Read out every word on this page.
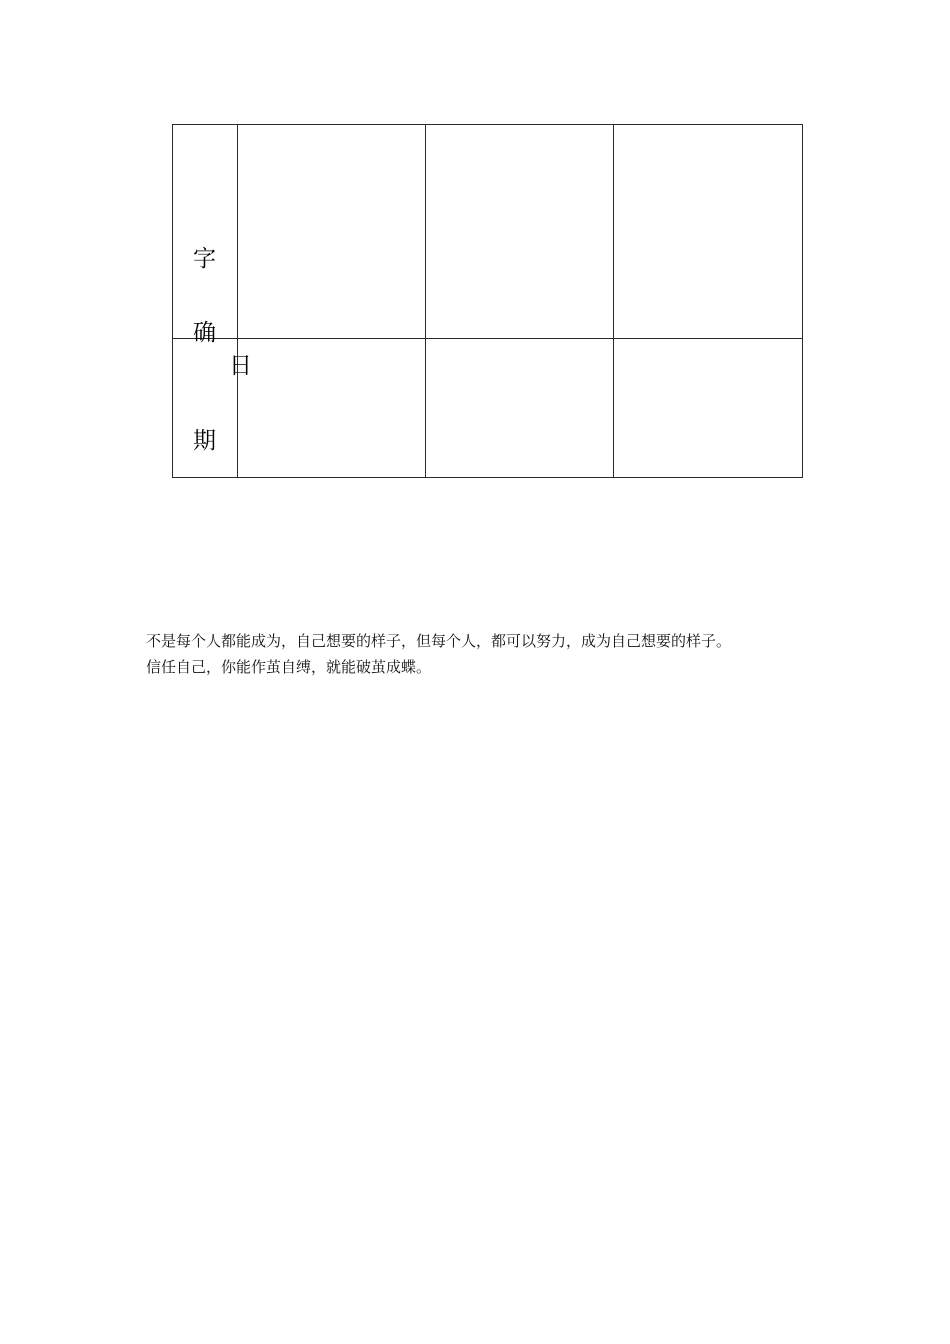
字
确
日
期

不是每个人都能成为，自己想要的样子，但每个人，都可以努力，成为自己想要的样子。

信任自己，你能作茧自缚，就能破茧成蝶。
